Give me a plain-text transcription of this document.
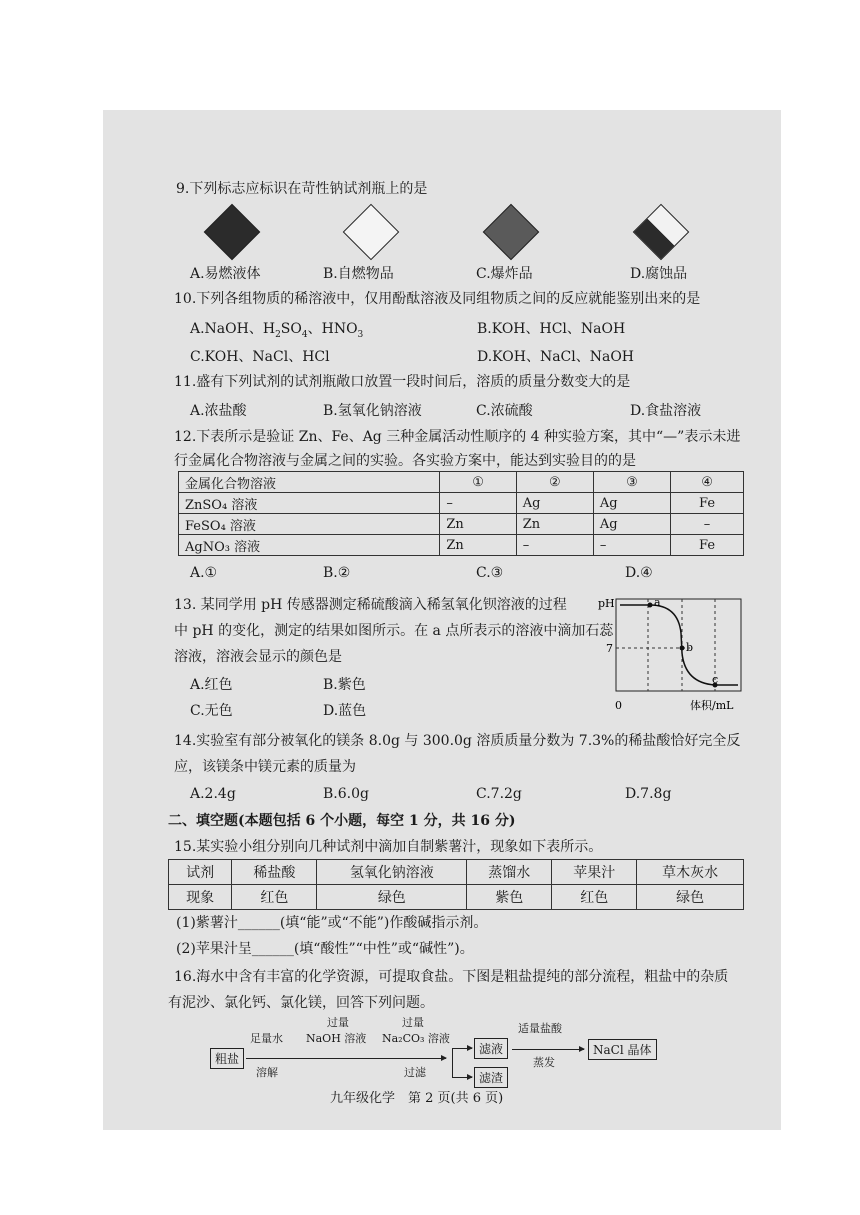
9.下列标志应标识在苛性钠试剂瓶上的是
A.易燃液体	B.自燃物品	C.爆炸品	D.腐蚀品
10.下列各组物质的稀溶液中，仅用酚酞溶液及同组物质之间的反应就能鉴别出来的是
A.NaOH、$H_2SO_4$、$HNO_3$	B.KOH、HCl、NaOH
C.KOH、NaCl、HCl	D.KOH、NaCl、NaOH
11.盛有下列试剂的试剂瓶敞口放置一段时间后，溶质的质量分数变大的是
A.浓盐酸	B.氢氧化钠溶液	C.浓硫酸	D.食盐溶液
12.下表所示是验证 Zn、Fe、Ag 三种金属活动性顺序的 4 种实验方案，其中“—”表示未进
行金属化合物溶液与金属之间的实验。各实验方案中，能达到实验目的的是
金属化合物溶液	①	②	③	④
ZnSO₄ 溶液	–	Ag	Ag	Fe
FeSO₄ 溶液	Zn	Zn	Ag	–
AgNO₃ 溶液	Zn	–	–	Fe
A.①	B.②	C.③	D.④
13. 某同学用 pH 传感器测定稀硫酸滴入稀氢氧化钡溶液的过程
中 pH 的变化，测定的结果如图所示。在 a 点所表示的溶液中滴加石蕊
溶液，溶液会显示的颜色是
A.红色	B.紫色
C.无色	D.蓝色
pH
7
0	体积/mL
a
b
c
14.实验室有部分被氧化的镁条 8.0g 与 300.0g 溶质质量分数为 7.3%的稀盐酸恰好完全反
应，该镁条中镁元素的质量为
A.2.4g	B.6.0g	C.7.2g	D.7.8g
二、填空题(本题包括 6 个小题，每空 1 分，共 16 分)
15.某实验小组分别向几种试剂中滴加自制紫薯汁，现象如下表所示。
试剂	稀盐酸	氢氧化钠溶液	蒸馏水	苹果汁	草木灰水
现象	红色	绿色	紫色	红色	绿色
(1)紫薯汁______(填“能”或“不能”)作酸碱指示剂。
(2)苹果汁呈______(填“酸性”“中性”或“碱性”)。
16.海水中含有丰富的化学资源，可提取食盐。下图是粗盐提纯的部分流程，粗盐中的杂质
有泥沙、氯化钙、氯化镁，回答下列问题。
粗盐
足量水
溶解
过量
NaOH 溶液
过量
Na₂CO₃ 溶液
过滤
滤液
滤渣
适量盐酸
蒸发
NaCl 晶体
九年级化学　第 2 页(共 6 页)
